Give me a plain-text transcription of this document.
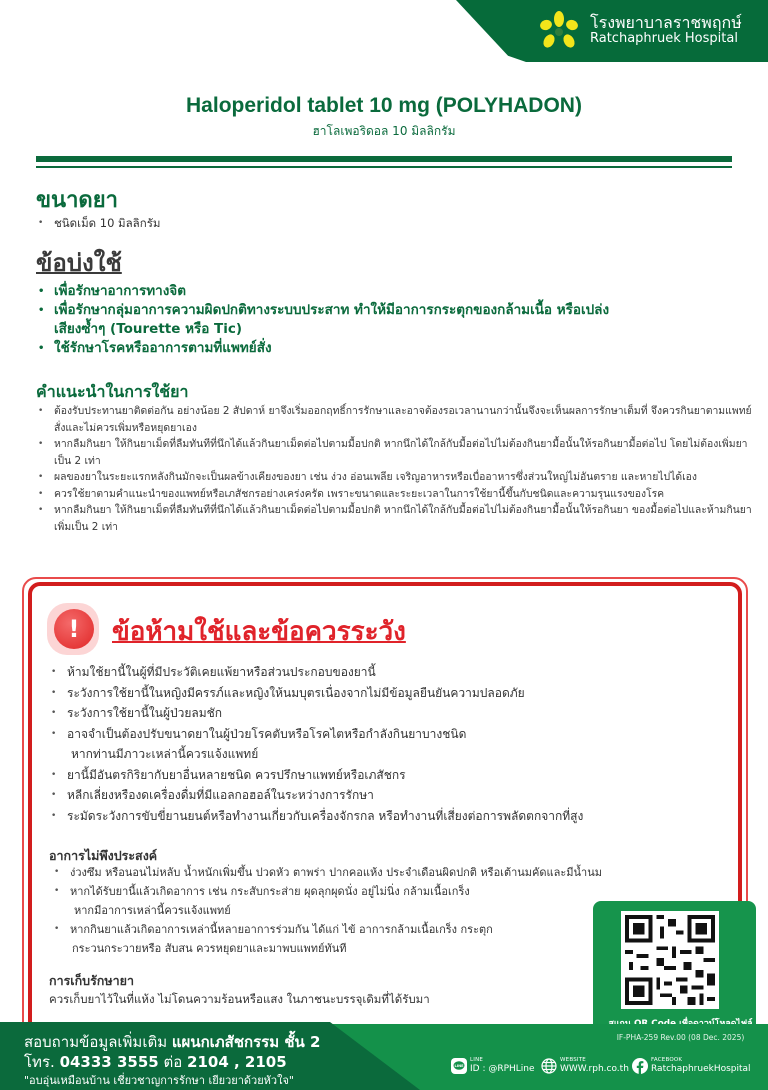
โรงพยาบาลราชพฤกษ์
Ratchaphruek Hospital
Haloperidol tablet 10 mg (POLYHADON)
ฮาโลเพอริดอล 10 มิลลิกรัม
ขนาดยา
• ชนิดเม็ด 10 มิลลิกรัม
ข้อบ่งใช้
• เพื่อรักษาอาการทางจิต
• เพื่อรักษากลุ่มอาการความผิดปกติทางระบบประสาท ทำให้มีอาการกระตุกของกล้ามเนื้อ หรือเปล่ง
เสียงซ้ำๆ (Tourette หรือ Tic)
• ใช้รักษาโรคหรืออาการตามที่แพทย์สั่ง
คำแนะนำในการใช้ยา
• ต้องรับประทานยาติดต่อกัน อย่างน้อย 2 สัปดาห์ ยาจึงเริ่มออกฤทธิ์การรักษาและอาจต้องรอเวลานานกว่านั้นจึงจะเห็นผลการรักษาเต็มที่ จึงควรกินยาตามแพทย์สั่งและไม่ควรเพิ่มหรือหยุดยาเอง
• หากลืมกินยา ให้กินยาเม็ดที่ลืมทันทีที่นึกได้แล้วกินยาเม็ดต่อไปตามมื้อปกติ หากนึกได้ใกล้กับมื้อต่อไปไม่ต้องกินยามื้อนั้นให้รอกินยามื้อต่อไป โดยไม่ต้องเพิ่มยาเป็น 2 เท่า
• ผลของยาในระยะแรกหลังกินมักจะเป็นผลข้างเคียงของยา เช่น ง่วง อ่อนเพลีย เจริญอาหารหรือเบื่ออาหารซึ่งส่วนใหญ่ไม่อันตราย และหายไปได้เอง
• ควรใช้ยาตามคำแนะนำของแพทย์หรือเภสัชกรอย่างเคร่งครัด เพราะขนาดและระยะเวลาในการใช้ยานี้ขึ้นกับชนิดและความรุนแรงของโรค
• หากลืมกินยา ให้กินยาเม็ดที่ลืมทันทีที่นึกได้แล้วกินยาเม็ดต่อไปตามมื้อปกติ หากนึกได้ใกล้กับมื้อต่อไปไม่ต้องกินยามื้อนั้นให้รอกินยา ของมื้อต่อไปและห้ามกินยาเพิ่มเป็น 2 เท่า
!	ข้อห้ามใช้และข้อควรระวัง
• ห้ามใช้ยานี้ในผู้ที่มีประวัติเคยแพ้ยาหรือส่วนประกอบของยานี้
• ระวังการใช้ยานี้ในหญิงมีครรภ์และหญิงให้นมบุตรเนื่องจากไม่มีข้อมูลยืนยันความปลอดภัย
• ระวังการใช้ยานี้ในผู้ป่วยลมชัก
• อาจจำเป็นต้องปรับขนาดยาในผู้ป่วยโรคตับหรือโรคไตหรือกำลังกินยาบางชนิด
หากท่านมีภาวะเหล่านี้ควรแจ้งแพทย์
• ยานี้มีอันตรกิริยากับยาอื่นหลายชนิด ควรปรึกษาแพทย์หรือเภสัชกร
• หลีกเลี่ยงหรืองดเครื่องดื่มที่มีแอลกอฮอล์ในระหว่างการรักษา
• ระมัดระวังการขับขี่ยานยนต์หรือทำงานเกี่ยวกับเครื่องจักรกล หรือทำงานที่เสี่ยงต่อการพลัดตกจากที่สูง
อาการไม่พึงประสงค์
• ง่วงซึม หรือนอนไม่หลับ น้ำหนักเพิ่มขึ้น ปวดหัว ตาพร่า ปากคอแห้ง ประจำเดือนผิดปกติ หรือเต้านมคัดและมีน้ำนม
• หากได้รับยานี้แล้วเกิดอาการ เช่น กระสับกระส่าย ผุดลุกผุดนั่ง อยู่ไม่นิ่ง กล้ามเนื้อเกร็ง
หากมีอาการเหล่านี้ควรแจ้งแพทย์
• หากกินยาแล้วเกิดอาการเหล่านี้หลายอาการร่วมกัน ได้แก่ ไข้ อาการกล้ามเนื้อเกร็ง กระตุก
กระวนกระวายหรือ สับสน ควรหยุดยาและมาพบแพทย์ทันที
การเก็บรักษายา
ควรเก็บยาไว้ในที่แห้ง ไม่โดนความร้อนหรือแสง ในภาชนะบรรจุเดิมที่ได้รับมา
IF-PHA-259 Rev.00 (08 Dec. 2025)
สอบถามข้อมูลเพิ่มเติม แผนกเภสัชกรรม ชั้น 2
โทร. 04333 3555 ต่อ 2104 , 2105
"อบอุ่นเหมือนบ้าน เชี่ยวชาญการรักษา เยียวยาด้วยหัวใจ"
LINE
LINE
ID : @RPHLine
WEBSITE
WWW.rph.co.th
FACEBOOK
RatchaphruekHospital
